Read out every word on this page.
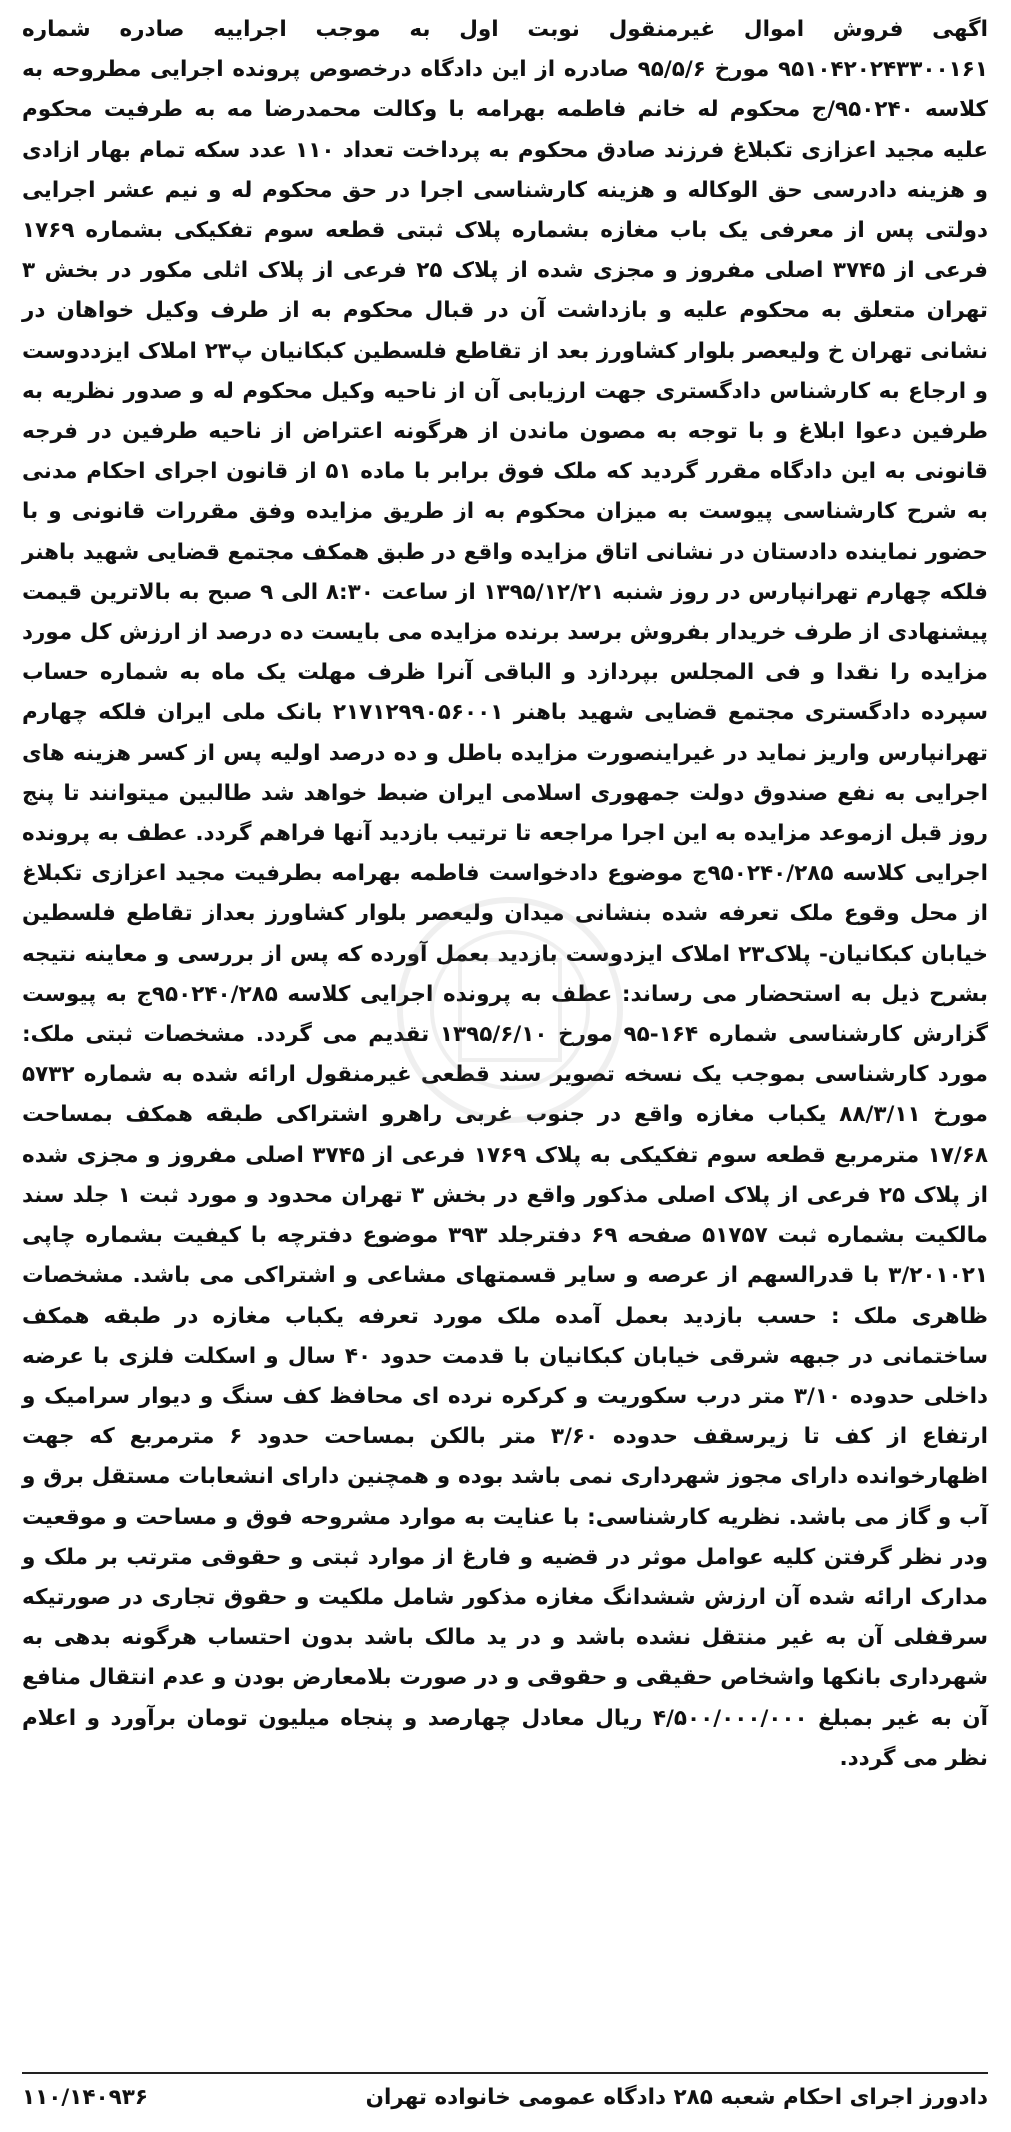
اگهی فروش اموال غیرمنقول نوبت اول به موجب اجراییه صادره شماره ۹۵۱۰۴۲۰۲۴۳۳۰۰۱۶۱ مورخ ۹۵/۵/۶ صادره از این دادگاه درخصوص پرونده اجرایی مطروحه به کلاسه ۹۵۰۲۴۰/ج محکوم له خانم فاطمه بهرامه با وکالت محمدرضا مه به طرفیت محکوم علیه مجید اعزازی تکبلاغ فرزند صادق محکوم به پرداخت تعداد ۱۱۰ عدد سکه تمام بهار ازادی و هزینه دادرسی حق الوکاله و هزینه کارشناسی اجرا در حق محکوم له و نیم عشر اجرایی دولتی پس از معرفی یک باب مغازه بشماره پلاک ثبتی قطعه سوم تفکیکی بشماره ۱۷۶۹ فرعی از ۳۷۴۵ اصلی مفروز و مجزی شده از پلاک ۲۵ فرعی از پلاک اثلی مکور در بخش ۳ تهران متعلق به محکوم علیه و بازداشت آن در قبال محکوم به از طرف وکیل خواهان در نشانی تهران خ ولیعصر بلوار کشاورز بعد از تقاطع فلسطین کبکانیان پ۲۳ املاک ایزددوست و ارجاع به کارشناس دادگستری جهت ارزیابی آن از ناحیه وکیل محکوم له و صدور نظریه به طرفین دعوا ابلاغ و با توجه به مصون ماندن از هرگونه اعتراض از ناحیه طرفین در فرجه قانونی به این دادگاه مقرر گردید که ملک فوق برابر با ماده ۵۱ از قانون اجرای احکام مدنی به شرح کارشناسی پیوست به میزان محکوم به از طریق مزایده وفق مقررات قانونی و با حضور نماینده دادستان در نشانی اتاق مزایده واقع در طبق همکف مجتمع قضایی شهید باهنر فلکه چهارم تهرانپارس در روز شنبه ۱۳۹۵/۱۲/۲۱ از ساعت ۸:۳۰ الی ۹ صبح به بالاترین قیمت پیشنهادی از طرف خریدار بفروش برسد برنده مزایده می بایست ده درصد از ارزش کل مورد مزایده را نقدا و فی المجلس بپردازد و الباقی آنرا ظرف مهلت یک ماه به شماره حساب سپرده دادگستری مجتمع قضایی شهید باهنر ۲۱۷۱۲۹۹۰۵۶۰۰۱ بانک ملی ایران فلکه چهارم تهرانپارس واریز نماید در غیراینصورت مزایده باطل و ده درصد اولیه پس از کسر هزینه های اجرایی به نفع صندوق دولت جمهوری اسلامی ایران ضبط خواهد شد طالبین میتوانند تا پنج روز قبل ازموعد مزایده به این اجرا مراجعه تا ترتیب بازدید آنها فراهم گردد. عطف به پرونده اجرایی کلاسه ۹۵۰۲۴۰/۲۸۵ج موضوع دادخواست فاطمه بهرامه بطرفیت مجید اعزازی تکبلاغ از محل وقوع ملک تعرفه شده بنشانی میدان ولیعصر بلوار کشاورز بعداز تقاطع فلسطین خیابان کبکانیان- پلاک۲۳ املاک ایزدوست بازدید بعمل آورده که پس از بررسی و معاینه نتیجه بشرح ذیل به استحضار می رساند: عطف به پرونده اجرایی کلاسه ۹۵۰۲۴۰/۲۸۵ج به پیوست گزارش کارشناسی شماره ۱۶۴-۹۵ مورخ ۱۳۹۵/۶/۱۰ تقدیم می گردد. مشخصات ثبتی ملک: مورد کارشناسی بموجب یک نسخه تصویر سند قطعی غیرمنقول ارائه شده به شماره ۵۷۳۲ مورخ ۸۸/۳/۱۱ یکباب مغازه واقع در جنوب غربی راهرو اشتراکی طبقه همکف بمساحت ۱۷/۶۸ مترمربع قطعه سوم تفکیکی به پلاک ۱۷۶۹ فرعی از ۳۷۴۵ اصلی مفروز و مجزی شده از پلاک ۲۵ فرعی از پلاک اصلی مذکور واقع در بخش ۳ تهران محدود و مورد ثبت ۱ جلد سند مالکیت بشماره ثبت ۵۱۷۵۷ صفحه ۶۹ دفترجلد ۳۹۳ موضوع دفترچه با کیفیت بشماره چاپی ۳/۲۰۱۰۲۱ با قدرالسهم از عرصه و سایر قسمتهای مشاعی و اشتراکی می باشد. مشخصات ظاهری ملک : حسب بازدید بعمل آمده ملک مورد تعرفه یکباب مغازه در طبقه همکف ساختمانی در جبهه شرقی خیابان کبکانیان با قدمت حدود ۴۰ سال و اسکلت فلزی با عرضه داخلی حدوده ۳/۱۰ متر درب سکوریت و کرکره نرده ای محافظ کف سنگ و دیوار سرامیک و ارتفاع از کف تا زیرسقف حدوده ۳/۶۰ متر بالکن بمساحت حدود ۶ مترمربع که جهت اظهارخوانده دارای مجوز شهرداری نمی باشد بوده و همچنین دارای انشعابات مستقل برق و آب و گاز می باشد. نظریه کارشناسی: با عنایت به موارد مشروحه فوق و مساحت و موقعیت ودر نظر گرفتن کلیه عوامل موثر در قضیه و فارغ از موارد ثبتی و حقوقی مترتب بر ملک و مدارک ارائه شده آن ارزش ششدانگ مغازه مذکور شامل ملکیت و حقوق تجاری در صورتیکه سرقفلی آن به غیر منتقل نشده باشد و در ید مالک باشد بدون احتساب هرگونه بدهی به شهرداری بانکها واشخاص حقیقی و حقوقی و در صورت بلامعارض بودن و عدم انتقال منافع آن به غیر بمبلغ ۴/۵۰۰/۰۰۰/۰۰۰ ریال معادل چهارصد و پنجاه میلیون تومان برآورد و اعلام نظر می گردد.

دادورز اجرای احکام شعبه ۲۸۵ دادگاه عمومی خانواده تهران
۱۱۰/۱۴۰۹۳۶
